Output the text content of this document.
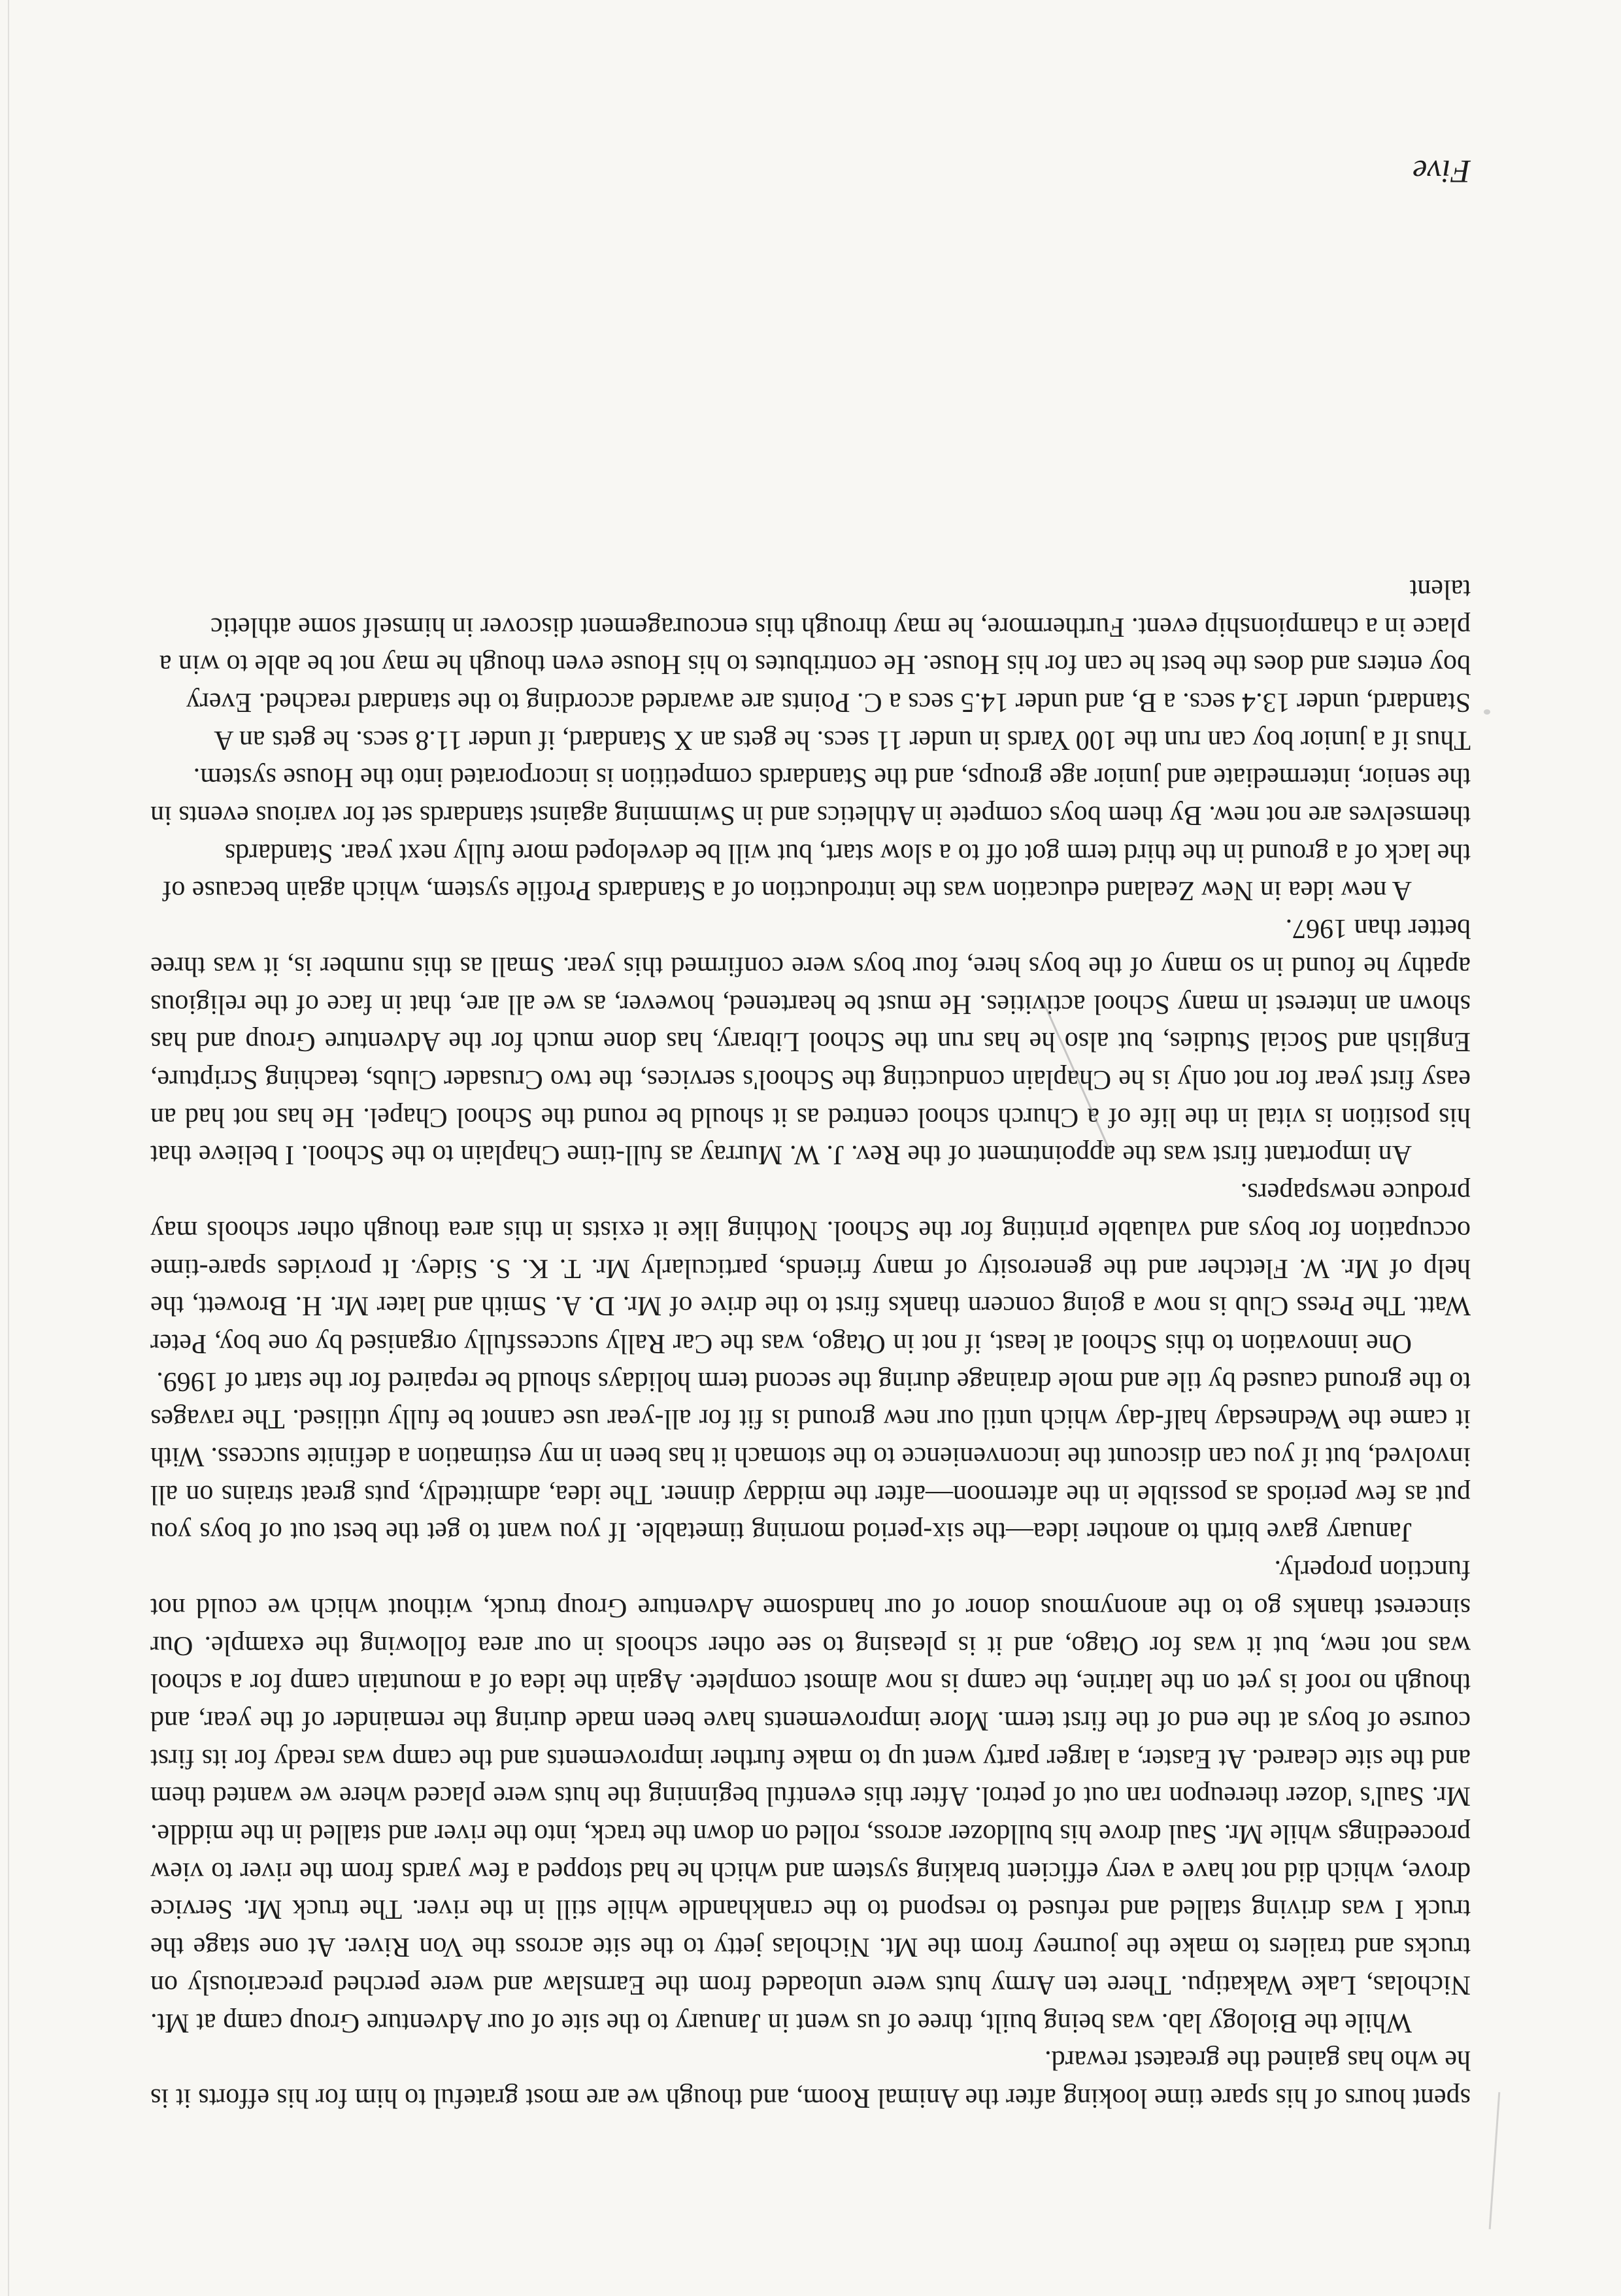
spent hours of his spare time looking after the Animal Room, and though we are most grateful to him for his efforts it is he who has gained the greatest reward.

While the Biology lab. was being built, three of us went in January to the site of our Adventure Group camp at Mt. Nicholas, Lake Wakatipu. There ten Army huts were unloaded from the Earnslaw and were perched precariously on trucks and trailers to make the journey from the Mt. Nicholas jetty to the site across the Von River. At one stage the truck I was driving stalled and refused to respond to the crankhandle while still in the river. The truck Mr. Service drove, which did not have a very efficient braking system and which he had stopped a few yards from the river to view proceedings while Mr. Saul drove his bulldozer across, rolled on down the track, into the river and stalled in the middle. Mr. Saul's 'dozer thereupon ran out of petrol. After this eventful beginning the huts were placed where we wanted them and the site cleared. At Easter, a larger party went up to make further improvements and the camp was ready for its first course of boys at the end of the first term. More improvements have been made during the remainder of the year, and though no roof is yet on the latrine, the camp is now almost complete. Again the idea of a mountain camp for a school was not new, but it was for Otago, and it is pleasing to see other schools in our area following the example. Our sincerest thanks go to the anonymous donor of our handsome Adventure Group truck, without which we could not function properly.

January gave birth to another idea—the six-period morning timetable. If you want to get the best out of boys you put as few periods as possible in the afternoon—after the midday dinner. The idea, admittedly, puts great strains on all involved, but if you can discount the inconvenience to the stomach it has been in my estimation a definite success. With it came the Wednesday half-day which until our new ground is fit for all-year use cannot be fully utilised. The ravages to the ground caused by tile and mole drainage during the second term holidays should be repaired for the start of 1969.

One innovation to this School at least, if not in Otago, was the Car Rally successfully organised by one boy, Peter Watt. The Press Club is now a going concern thanks first to the drive of Mr. D. A. Smith and later Mr. H. Browett, the help of Mr. W. Fletcher and the generosity of many friends, particularly Mr. T. K. S. Sidey. It provides spare-time occupation for boys and valuable printing for the School. Nothing like it exists in this area though other schools may produce newspapers.

An important first was the appointment of the Rev. J. W. Murray as full-time Chaplain to the School. I believe that his position is vital in the life of a Church school centred as it should be round the School Chapel. He has not had an easy first year for not only is he Chaplain conducting the School's services, the two Crusader Clubs, teaching Scripture, English and Social Studies, but also he has run the School Library, has done much for the Adventure Group and has shown an interest in many School activities. He must be heartened, however, as we all are, that in face of the religious apathy he found in so many of the boys here, four boys were confirmed this year. Small as this number is, it was three better than 1967.

A new idea in New Zealand education was the introduction of a Standards Profile system, which again because of the lack of a ground in the third term got off to a slow start, but will be developed more fully next year. Standards themselves are not new. By them boys compete in Athletics and in Swimming against standards set for various events in the senior, intermediate and junior age groups, and the Standards competition is incorporated into the House system. Thus if a junior boy can run the 100 Yards in under 11 secs. he gets an X Standard, if under 11.8 secs. he gets an A Standard, under 13.4 secs. a B, and under 14.5 secs a C. Points are awarded according to the standard reached. Every boy enters and does the best he can for his House. He contributes to his House even though he may not be able to win a place in a championship event. Furthermore, he may through this encouragement discover in himself some athletic talent

Five
